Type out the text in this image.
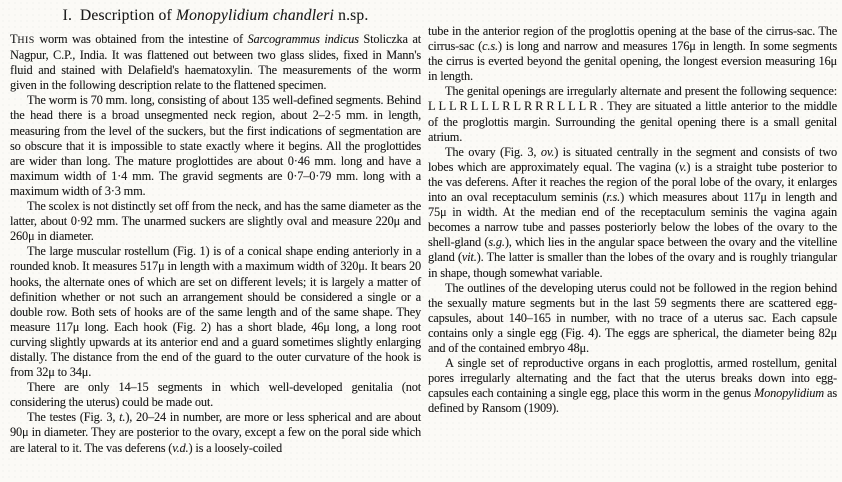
I. Description of Monopylidium chandleri n.sp.

THIS worm was obtained from the intestine of Sarcogrammus indicus Stoliczka at Nagpur, C.P., India. It was flattened out between two glass slides, fixed in Mann's fluid and stained with Delafield's haematoxylin. The measurements of the worm given in the following description relate to the flattened specimen.

The worm is 70 mm. long, consisting of about 135 well-defined segments. Behind the head there is a broad unsegmented neck region, about 2–2·5 mm. in length, measuring from the level of the suckers, but the first indications of segmentation are so obscure that it is impossible to state exactly where it begins. All the proglottides are wider than long. The mature proglottides are about 0·46 mm. long and have a maximum width of 1·4 mm. The gravid segments are 0·7–0·79 mm. long with a maximum width of 3·3 mm.

The scolex is not distinctly set off from the neck, and has the same diameter as the latter, about 0·92 mm. The unarmed suckers are slightly oval and measure 220μ and 260μ in diameter.

The large muscular rostellum (Fig. 1) is of a conical shape ending anteriorly in a rounded knob. It measures 517μ in length with a maximum width of 320μ. It bears 20 hooks, the alternate ones of which are set on different levels; it is largely a matter of definition whether or not such an arrangement should be considered a single or a double row. Both sets of hooks are of the same length and of the same shape. They measure 117μ long. Each hook (Fig. 2) has a short blade, 46μ long, a long root curving slightly upwards at its anterior end and a guard sometimes slightly enlarging distally. The distance from the end of the guard to the outer curvature of the hook is from 32μ to 34μ.

There are only 14–15 segments in which well-developed genitalia (not considering the uterus) could be made out.

The testes (Fig. 3, t.), 20–24 in number, are more or less spherical and are about 90μ in diameter. They are posterior to the ovary, except a few on the poral side which are lateral to it. The vas deferens (v.d.) is a loosely-coiled

tube in the anterior region of the proglottis opening at the base of the cirrus-sac. The cirrus-sac (c.s.) is long and narrow and measures 176μ in length. In some segments the cirrus is everted beyond the genital opening, the longest eversion measuring 16μ in length.

The genital openings are irregularly alternate and present the following sequence: LLLRLLLRLRRRLLLR. They are situated a little anterior to the middle of the proglottis margin. Surrounding the genital opening there is a small genital atrium.

The ovary (Fig. 3, ov.) is situated centrally in the segment and consists of two lobes which are approximately equal. The vagina (v.) is a straight tube posterior to the vas deferens. After it reaches the region of the poral lobe of the ovary, it enlarges into an oval receptaculum seminis (r.s.) which measures about 117μ in length and 75μ in width. At the median end of the receptaculum seminis the vagina again becomes a narrow tube and passes posteriorly below the lobes of the ovary to the shell-gland (s.g.), which lies in the angular space between the ovary and the vitelline gland (vit.). The latter is smaller than the lobes of the ovary and is roughly triangular in shape, though somewhat variable.

The outlines of the developing uterus could not be followed in the region behind the sexually mature segments but in the last 59 segments there are scattered egg-capsules, about 140–165 in number, with no trace of a uterus sac. Each capsule contains only a single egg (Fig. 4). The eggs are spherical, the diameter being 82μ and of the contained embryo 48μ.

A single set of reproductive organs in each proglottis, armed rostellum, genital pores irregularly alternating and the fact that the uterus breaks down into egg-capsules each containing a single egg, place this worm in the genus Monopylidium as defined by Ransom (1909).
